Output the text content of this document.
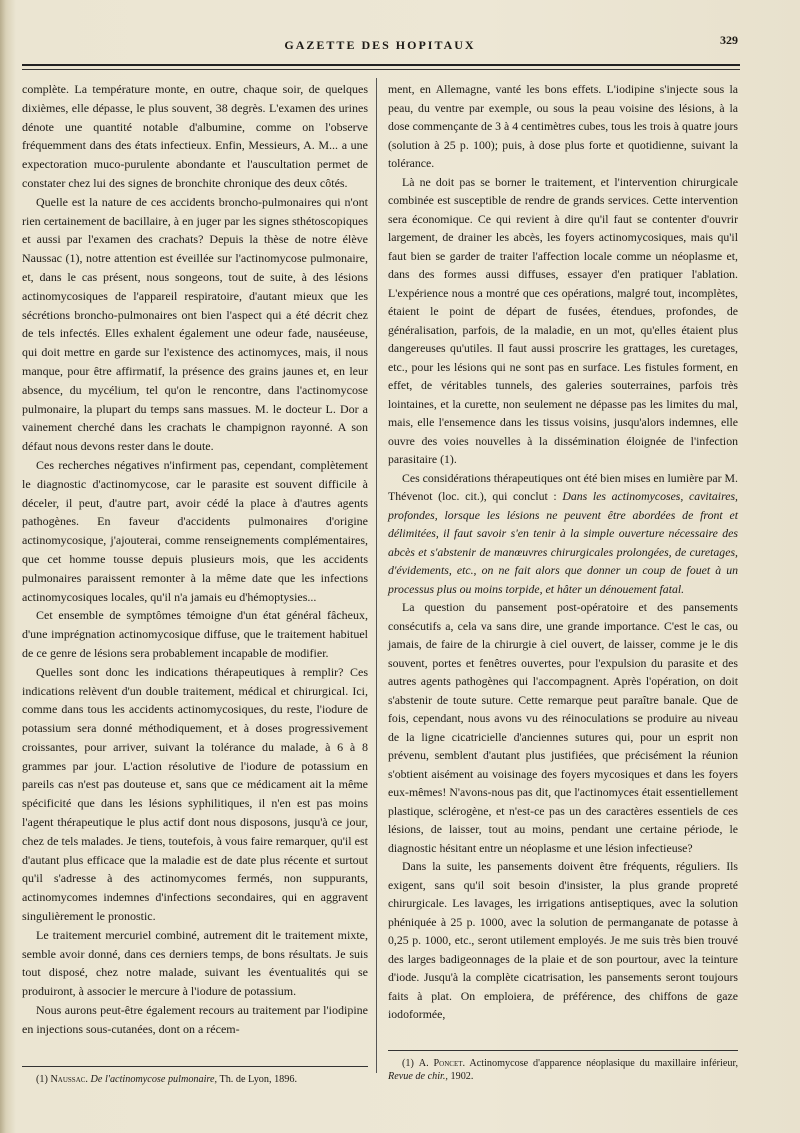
GAZETTE DES HOPITAUX	329

complète. La température monte, en outre, chaque soir, de quelques dixièmes, elle dépasse, le plus souvent, 38 degrès. L'examen des urines dénote une quantité notable d'albumine, comme on l'observe fréquemment dans des états infectieux. Enfin, Messieurs, A. M... a une expectoration muco-purulente abondante et l'auscultation permet de constater chez lui des signes de bronchite chronique des deux côtés.

Quelle est la nature de ces accidents broncho-pulmonaires qui n'ont rien certainement de bacillaire, à en juger par les signes sthétoscopiques et aussi par l'examen des crachats? Depuis la thèse de notre élève Naussac (1), notre attention est éveillée sur l'actinomycose pulmonaire, et, dans le cas présent, nous songeons, tout de suite, à des lésions actinomycosiques de l'appareil respiratoire, d'autant mieux que les sécrétions broncho-pulmonaires ont bien l'aspect qui a été décrit chez de tels infectés. Elles exhalent également une odeur fade, nauséeuse, qui doit mettre en garde sur l'existence des actinomyces, mais, il nous manque, pour être affirmatif, la présence des grains jaunes et, en leur absence, du mycélium, tel qu'on le rencontre, dans l'actinomycose pulmonaire, la plupart du temps sans massues. M. le docteur L. Dor a vainement cherché dans les crachats le champignon rayonné. A son défaut nous devons rester dans le doute.

Ces recherches négatives n'infirment pas, cependant, complètement le diagnostic d'actinomycose, car le parasite est souvent difficile à déceler, il peut, d'autre part, avoir cédé la place à d'autres agents pathogènes. En faveur d'accidents pulmonaires d'origine actinomycosique, j'ajouterai, comme renseignements complémentaires, que cet homme tousse depuis plusieurs mois, que les accidents pulmonaires paraissent remonter à la même date que les infections actinomycosiques locales, qu'il n'a jamais eu d'hémoptysies...

Cet ensemble de symptômes témoigne d'un état général fâcheux, d'une imprégnation actinomycosique diffuse, que le traitement habituel de ce genre de lésions sera probablement incapable de modifier.

Quelles sont donc les indications thérapeutiques à remplir? Ces indications relèvent d'un double traitement, médical et chirurgical. Ici, comme dans tous les accidents actinomycosiques, du reste, l'iodure de potassium sera donné méthodiquement, et à doses progressivement croissantes, pour arriver, suivant la tolérance du malade, à 6 à 8 grammes par jour. L'action résolutive de l'iodure de potassium en pareils cas n'est pas douteuse et, sans que ce médicament ait la même spécificité que dans les lésions syphilitiques, il n'en est pas moins l'agent thérapeutique le plus actif dont nous disposons, jusqu'à ce jour, chez de tels malades. Je tiens, toutefois, à vous faire remarquer, qu'il est d'autant plus efficace que la maladie est de date plus récente et surtout qu'il s'adresse à des actinomycomes fermés, non suppurants, actinomycomes indemnes d'infections secondaires, qui en aggravent singulièrement le pronostic.

Le traitement mercuriel combiné, autrement dit le traitement mixte, semble avoir donné, dans ces derniers temps, de bons résultats. Je suis tout disposé, chez notre malade, suivant les éventualités qui se produiront, à associer le mercure à l'iodure de potassium.

Nous aurons peut-être également recours au traitement par l'iodipine en injections sous-cutanées, dont on a récem-

(1) Naussac. De l'actinomycose pulmonaire, Th. de Lyon, 1896.

ment, en Allemagne, vanté les bons effets. L'iodipine s'injecte sous la peau, du ventre par exemple, ou sous la peau voisine des lésions, à la dose commençante de 3 à 4 centimètres cubes, tous les trois à quatre jours (solution à 25 p. 100); puis, à dose plus forte et quotidienne, suivant la tolérance.

Là ne doit pas se borner le traitement, et l'intervention chirurgicale combinée est susceptible de rendre de grands services. Cette intervention sera économique. Ce qui revient à dire qu'il faut se contenter d'ouvrir largement, de drainer les abcès, les foyers actinomycosiques, mais qu'il faut bien se garder de traiter l'affection locale comme un néoplasme et, dans des formes aussi diffuses, essayer d'en pratiquer l'ablation. L'expérience nous a montré que ces opérations, malgré tout, incomplètes, étaient le point de départ de fusées, étendues, profondes, de généralisation, parfois, de la maladie, en un mot, qu'elles étaient plus dangereuses qu'utiles. Il faut aussi proscrire les grattages, les curetages, etc., pour les lésions qui ne sont pas en surface. Les fistules forment, en effet, de véritables tunnels, des galeries souterraines, parfois très lointaines, et la curette, non seulement ne dépasse pas les limites du mal, mais, elle l'ensemence dans les tissus voisins, jusqu'alors indemnes, elle ouvre des voies nouvelles à la dissémination éloignée de l'infection parasitaire (1).

Ces considérations thérapeutiques ont été bien mises en lumière par M. Thévenot (loc. cit.), qui conclut : Dans les actinomycoses, cavitaires, profondes, lorsque les lésions ne peuvent être abordées de front et délimitées, il faut savoir s'en tenir à la simple ouverture nécessaire des abcès et s'abstenir de manœuvres chirurgicales prolongées, de curetages, d'évidements, etc., on ne fait alors que donner un coup de fouet à un processus plus ou moins torpide, et hâter un dénouement fatal.

La question du pansement post-opératoire et des pansements consécutifs a, cela va sans dire, une grande importance. C'est le cas, ou jamais, de faire de la chirurgie à ciel ouvert, de laisser, comme je le dis souvent, portes et fenêtres ouvertes, pour l'expulsion du parasite et des autres agents pathogènes qui l'accompagnent. Après l'opération, on doit s'abstenir de toute suture. Cette remarque peut paraître banale. Que de fois, cependant, nous avons vu des réinoculations se produire au niveau de la ligne cicatricielle d'anciennes sutures qui, pour un esprit non prévenu, semblent d'autant plus justifiées, que précisément la réunion s'obtient aisément au voisinage des foyers mycosiques et dans les foyers eux-mêmes! N'avons-nous pas dit, que l'actinomyces était essentiellement plastique, sclérogène, et n'est-ce pas un des caractères essentiels de ces lésions, de laisser, tout au moins, pendant une certaine période, le diagnostic hésitant entre un néoplasme et une lésion infectieuse?

Dans la suite, les pansements doivent être fréquents, réguliers. Ils exigent, sans qu'il soit besoin d'insister, la plus grande propreté chirurgicale. Les lavages, les irrigations antiseptiques, avec la solution phéniquée à 25 p. 1000, avec la solution de permanganate de potasse à 0,25 p. 1000, etc., seront utilement employés. Je me suis très bien trouvé des larges badigeonnages de la plaie et de son pourtour, avec la teinture d'iode. Jusqu'à la complète cicatrisation, les pansements seront toujours faits à plat. On emploiera, de préférence, des chiffons de gaze iodoformée,

(1) A. Poncet. Actinomycose d'apparence néoplasique du maxillaire inférieur, Revue de chir., 1902.
